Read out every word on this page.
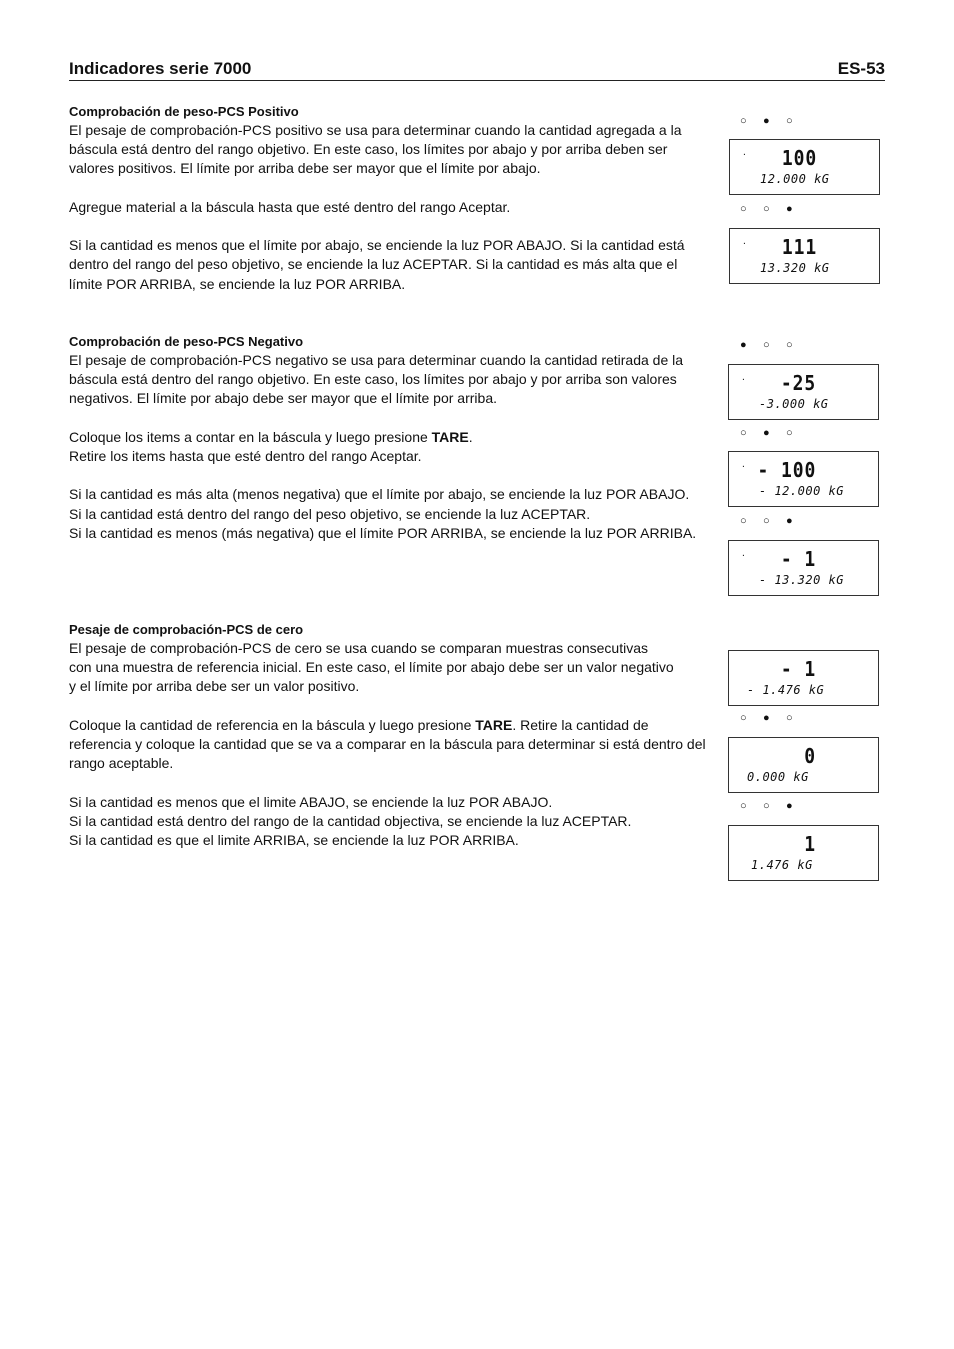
Indicadores serie 7000	ES-53
Comprobación de peso-PCS Positivo

El pesaje de comprobación-PCS positivo se usa para determinar cuando la cantidad agregada a la báscula está dentro del rango objetivo. En este caso, los límites por abajo y por arriba deben ser valores positivos. El límite por arriba debe ser mayor que el límite por abajo.

Agregue material a la báscula hasta que esté dentro del rango Aceptar.

Si la cantidad es menos que el límite por abajo, se enciende la luz POR ABAJO. Si la cantidad está dentro del rango del peso objetivo, se enciende la luz ACEPTAR. Si la cantidad es más alta que el límite POR ARRIBA, se enciende la luz POR ARRIBA.

Comprobación de peso-PCS Negativo

El pesaje de comprobación-PCS negativo se usa para determinar cuando la cantidad retirada de la báscula está dentro del rango objetivo. En este caso, los límites por abajo y por arriba son valores negativos. El límite por abajo debe ser mayor que el límite por arriba.

Coloque los items a contar en la báscula y luego presione TARE.
Retire los items hasta que esté dentro del rango Aceptar.

Si la cantidad es más alta (menos negativa) que el límite por abajo, se enciende la luz POR ABAJO.
Si la cantidad está dentro del rango del peso objetivo, se enciende la luz ACEPTAR.
Si la cantidad es menos (más negativa) que el límite POR ARRIBA, se enciende la luz POR ARRIBA.

Pesaje de comprobación-PCS de cero

El pesaje de comprobación-PCS de cero se usa cuando se comparan muestras consecutivas
con una muestra de referencia inicial. En este caso, el límite por abajo debe ser un valor negativo
y el límite por arriba debe ser un valor positivo.

Coloque la cantidad de referencia en la báscula y luego presione TARE. Retire la cantidad de referencia y coloque la cantidad que se va a comparar en la báscula para determinar si está dentro del rango aceptable.

Si la cantidad es menos que el limite ABAJO, se enciende la luz POR ABAJO.
Si la cantidad está dentro del rango de la cantidad objectiva, se enciende la luz ACEPTAR.
Si la cantidad es que el limite ARRIBA, se enciende la luz POR ARRIBA.

○ ● ○
○ ○ ●
● ○ ○
○ ● ○
○ ○ ●
○ ● ○
○ ○ ●
· 100
12.000 kG
· 111
13.320 kG
· -25
-3.000 kG
· - 100
- 12.000 kG
· - 1
- 13.320 kG
- 1
- 1.476 kG
0
0.000 kG
1
1.476 kG
